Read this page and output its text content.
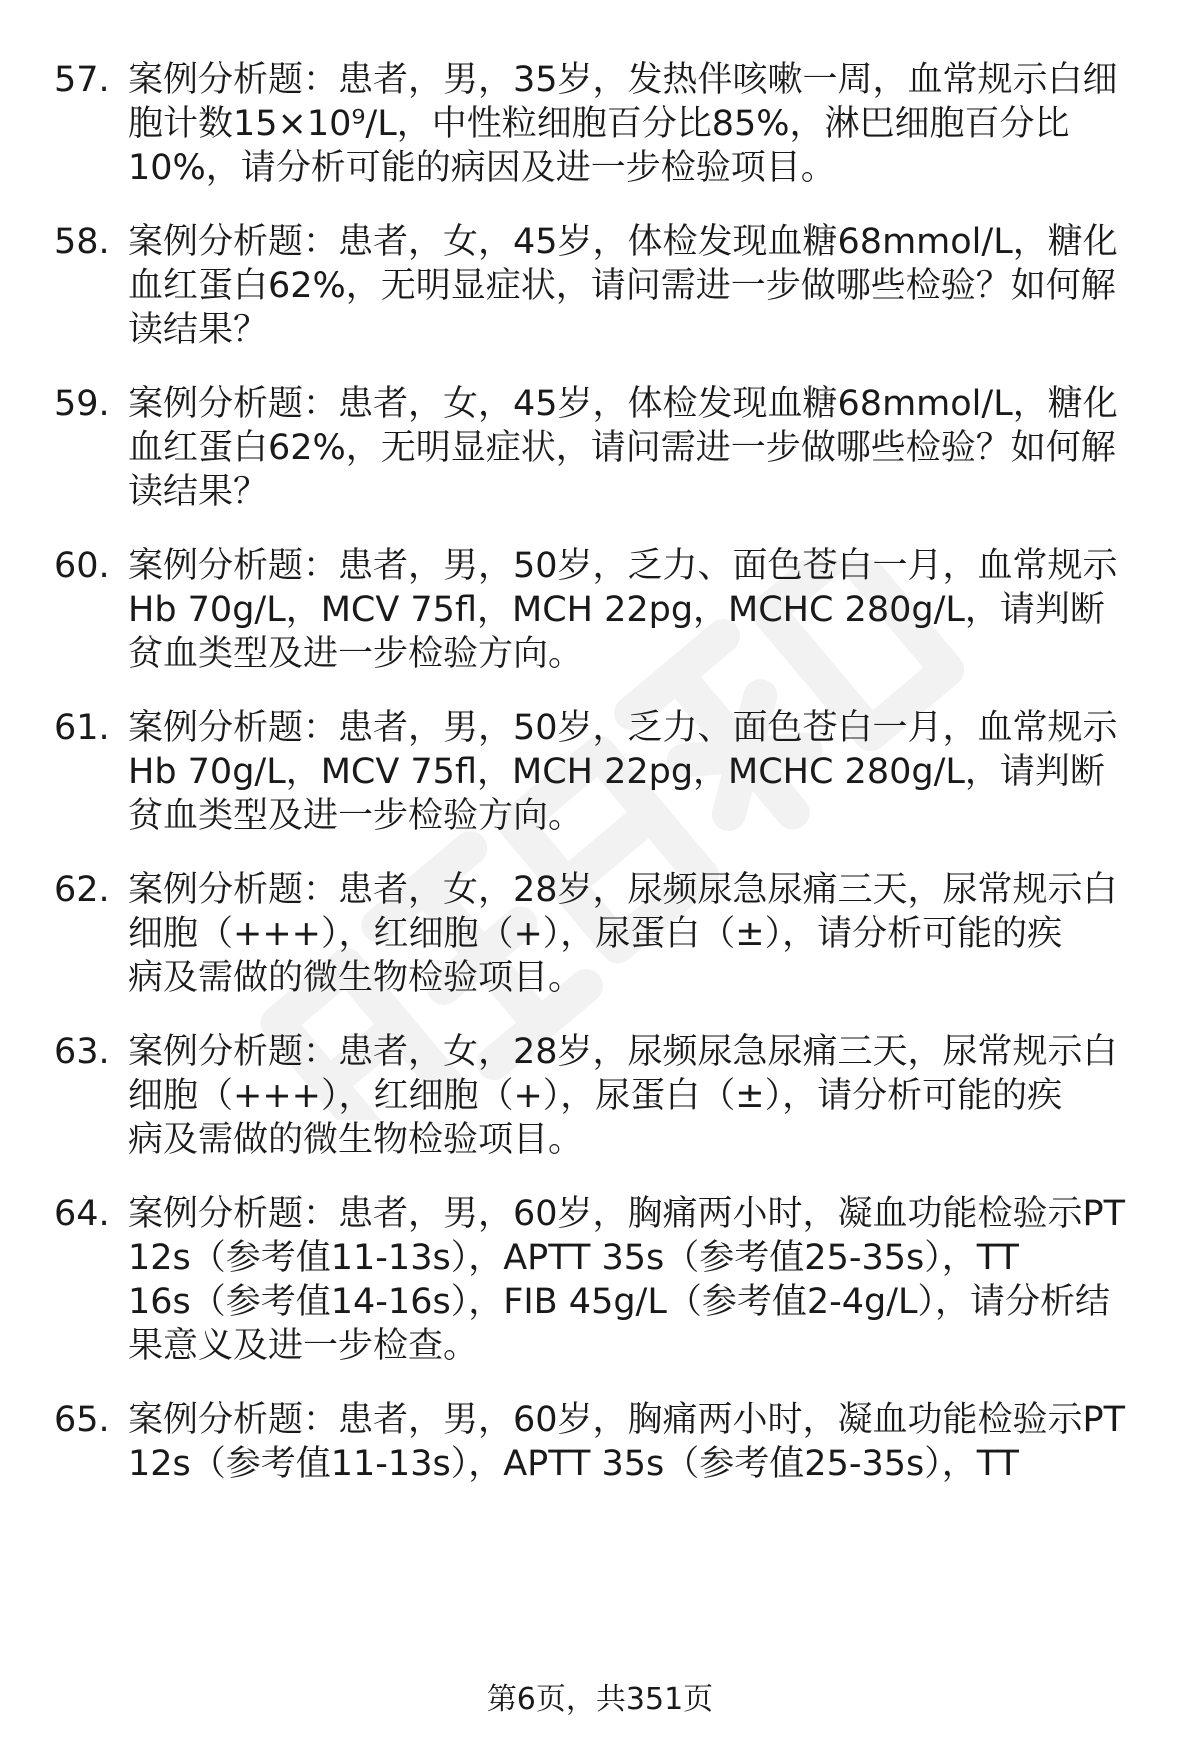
57. 案例分析题：患者，男，35岁，发热伴咳嗽一周，血常规示白细
胞计数15×10⁹/L，中性粒细胞百分比85%，淋巴细胞百分比
10%，请分析可能的病因及进一步检验项目。
58. 案例分析题：患者，女，45岁，体检发现血糖68mmol/L，糖化
血红蛋白62%，无明显症状，请问需进一步做哪些检验？如何解
读结果？
59. 案例分析题：患者，女，45岁，体检发现血糖68mmol/L，糖化
血红蛋白62%，无明显症状，请问需进一步做哪些检验？如何解
读结果？
60. 案例分析题：患者，男，50岁，乏力、面色苍白一月，血常规示
Hb 70g/L，MCV 75fl，MCH 22pg，MCHC 280g/L，请判断
贫血类型及进一步检验方向。
61. 案例分析题：患者，男，50岁，乏力、面色苍白一月，血常规示
Hb 70g/L，MCV 75fl，MCH 22pg，MCHC 280g/L，请判断
贫血类型及进一步检验方向。
62. 案例分析题：患者，女，28岁，尿频尿急尿痛三天，尿常规示白
细胞（+++），红细胞（+），尿蛋白（±），请分析可能的疾
病及需做的微生物检验项目。
63. 案例分析题：患者，女，28岁，尿频尿急尿痛三天，尿常规示白
细胞（+++），红细胞（+），尿蛋白（±），请分析可能的疾
病及需做的微生物检验项目。
64. 案例分析题：患者，男，60岁，胸痛两小时，凝血功能检验示PT
12s（参考值11-13s），APTT 35s（参考值25-35s），TT
16s（参考值14-16s），FIB 45g/L（参考值2-4g/L），请分析结
果意义及进一步检查。
65. 案例分析题：患者，男，60岁，胸痛两小时，凝血功能检验示PT
12s（参考值11-13s），APTT 35s（参考值25-35s），TT
第6页，共351页
